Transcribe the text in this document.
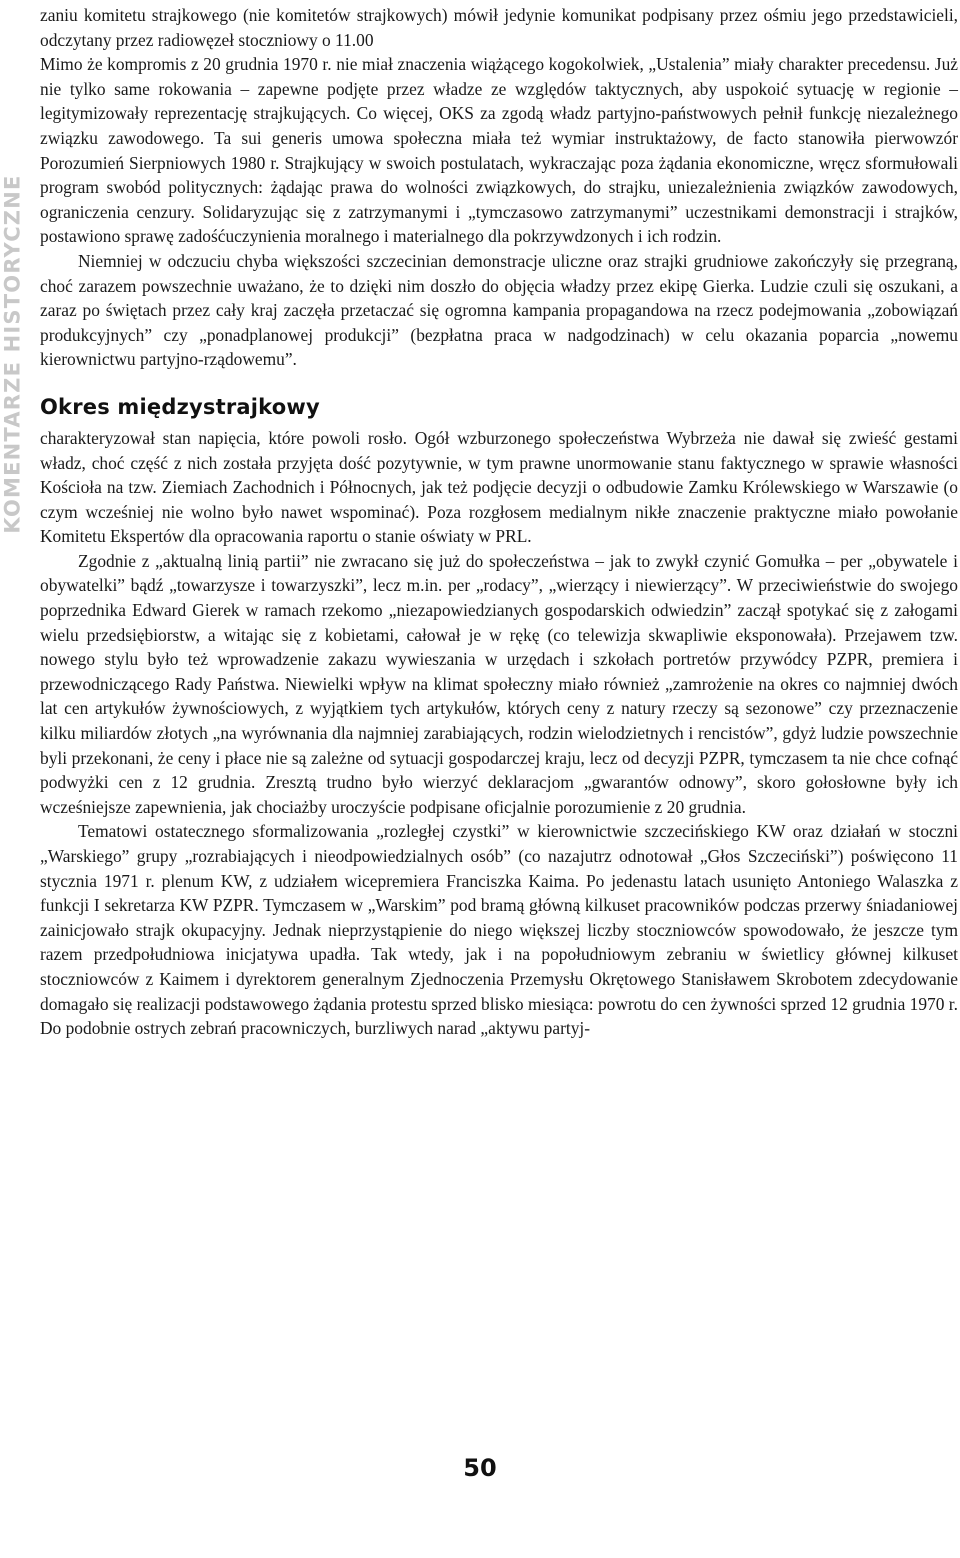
KOMENTARZE HISTORYCZNE

zaniu komitetu strajkowego (nie komitetów strajkowych) mówił jedynie komunikat podpisany przez ośmiu jego przedstawicieli, odczytany przez radiowęzeł stoczniowy o 11.00

Mimo że kompromis z 20 grudnia 1970 r. nie miał znaczenia wiążącego kogokolwiek, „Ustalenia” miały charakter precedensu. Już nie tylko same rokowania – zapewne podjęte przez władze ze względów taktycznych, aby uspokoić sytuację w regionie – legitymizowały reprezentację strajkujących. Co więcej, OKS za zgodą władz partyjno-państwowych pełnił funkcję niezależnego związku zawodowego. Ta sui generis umowa społeczna miała też wymiar instruktażowy, de facto stanowiła pierwowzór Porozumień Sierpniowych 1980 r. Strajkujący w swoich postulatach, wykraczając poza żądania ekonomiczne, wręcz sformułowali program swobód politycznych: żądając prawa do wolności związkowych, do strajku, uniezależnienia związków zawodowych, ograniczenia cenzury. Solidaryzując się z zatrzymanymi i „tymczasowo zatrzymanymi” uczestnikami demonstracji i strajków, postawiono sprawę zadośćuczynienia moralnego i materialnego dla pokrzywdzonych i ich rodzin.

Niemniej w odczuciu chyba większości szczecinian demonstracje uliczne oraz strajki grudniowe zakończyły się przegraną, choć zarazem powszechnie uważano, że to dzięki nim doszło do objęcia władzy przez ekipę Gierka. Ludzie czuli się oszukani, a zaraz po świętach przez cały kraj zaczęła przetaczać się ogromna kampania propagandowa na rzecz podejmowania „zobowiązań produkcyjnych” czy „ponadplanowej produkcji” (bezpłatna praca w nadgodzinach) w celu okazania poparcia „nowemu kierownictwu partyjno-rządowemu”.

Okres międzystrajkowy

charakteryzował stan napięcia, które powoli rosło. Ogół wzburzonego społeczeństwa Wybrzeża nie dawał się zwieść gestami władz, choć część z nich została przyjęta dość pozytywnie, w tym prawne unormowanie stanu faktycznego w sprawie własności Kościoła na tzw. Ziemiach Zachodnich i Północnych, jak też podjęcie decyzji o odbudowie Zamku Królewskiego w Warszawie (o czym wcześniej nie wolno było nawet wspominać). Poza rozgłosem medialnym nikłe znaczenie praktyczne miało powołanie Komitetu Ekspertów dla opracowania raportu o stanie oświaty w PRL.

Zgodnie z „aktualną linią partii” nie zwracano się już do społeczeństwa – jak to zwykł czynić Gomułka – per „obywatele i obywatelki” bądź „towarzysze i towarzyszki”, lecz m.in. per „rodacy”, „wierzący i niewierzący”. W przeciwieństwie do swojego poprzednika Edward Gierek w ramach rzekomo „niezapowiedzianych gospodarskich odwiedzin” zaczął spotykać się z załogami wielu przedsiębiorstw, a witając się z kobietami, całował je w rękę (co telewizja skwapliwie eksponowała). Przejawem tzw. nowego stylu było też wprowadzenie zakazu wywieszania w urzędach i szkołach portretów przywódcy PZPR, premiera i przewodniczącego Rady Państwa. Niewielki wpływ na klimat społeczny miało również „zamrożenie na okres co najmniej dwóch lat cen artykułów żywnościowych, z wyjątkiem tych artykułów, których ceny z natury rzeczy są sezonowe” czy przeznaczenie kilku miliardów złotych „na wyrównania dla najmniej zarabiających, rodzin wielodzietnych i rencistów”, gdyż ludzie powszechnie byli przekonani, że ceny i płace nie są zależne od sytuacji gospodarczej kraju, lecz od decyzji PZPR, tymczasem ta nie chce cofnąć podwyżki cen z 12 grudnia. Zresztą trudno było wierzyć deklaracjom „gwarantów odnowy”, skoro gołosłowne były ich wcześniejsze zapewnienia, jak chociażby uroczyście podpisane oficjalnie porozumienie z 20 grudnia.

Tematowi ostatecznego sformalizowania „rozległej czystki” w kierownictwie szczecińskiego KW oraz działań w stoczni „Warskiego” grupy „rozrabiających i nieodpowiedzialnych osób” (co nazajutrz odnotował „Głos Szczeciński”) poświęcono 11 stycznia 1971 r. plenum KW, z udziałem wicepremiera Franciszka Kaima. Po jedenastu latach usunięto Antoniego Walaszka z funkcji I sekretarza KW PZPR. Tymczasem w „Warskim” pod bramą główną kilkuset pracowników podczas przerwy śniadaniowej zainicjowało strajk okupacyjny. Jednak nieprzystąpienie do niego większej liczby stoczniowców spowodowało, że jeszcze tym razem przedpołudniowa inicjatywa upadła. Tak wtedy, jak i na popołudniowym zebraniu w świetlicy głównej kilkuset stoczniowców z Kaimem i dyrektorem generalnym Zjednoczenia Przemysłu Okrętowego Stanisławem Skrobotem zdecydowanie domagało się realizacji podstawowego żądania protestu sprzed blisko miesiąca: powrotu do cen żywności sprzed 12 grudnia 1970 r. Do podobnie ostrych zebrań pracowniczych, burzliwych narad „aktywu partyj-

50
